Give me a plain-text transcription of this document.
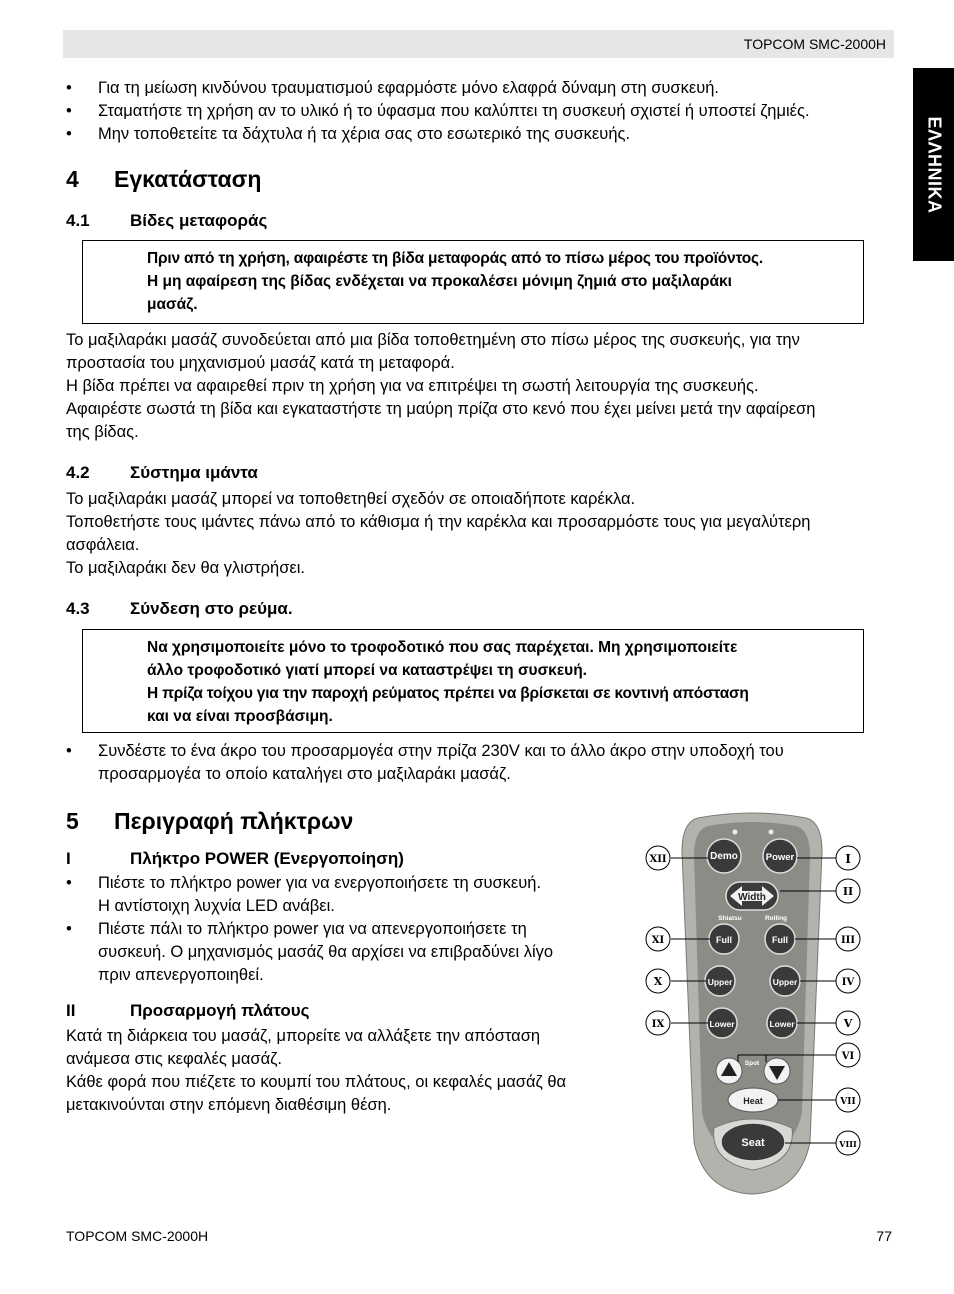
TOPCOM SMC-2000H
ΕΛΛΗΝΙΚΑ
• Για τη μείωση κινδύνου τραυματισμού εφαρμόστε μόνο ελαφρά δύναμη στη συσκευή.
• Σταματήστε τη χρήση αν το υλικό ή το ύφασμα που καλύπτει τη συσκευή σχιστεί ή υποστεί ζημιές.
• Μην τοποθετείτε τα δάχτυλα ή τα χέρια σας στο εσωτερικό της συσκευής.
4 Εγκατάσταση
4.1 Βίδες μεταφοράς

Πριν από τη χρήση, αφαιρέστε τη βίδα μεταφοράς από το πίσω μέρος του προϊόντος.

Η μη αφαίρεση της βίδας ενδέχεται να προκαλέσει μόνιμη ζημιά στο μαξιλαράκι

μασάζ.

Το μαξιλαράκι μασάζ συνοδεύεται από μια βίδα τοποθετημένη στο πίσω μέρος της συσκευής, για την

προστασία του μηχανισμού μασάζ κατά τη μεταφορά.

Η βίδα πρέπει να αφαιρεθεί πριν τη χρήση για να επιτρέψει τη σωστή λειτουργία της συσκευής.

Αφαιρέστε σωστά τη βίδα και εγκαταστήστε τη μαύρη πρίζα στο κενό που έχει μείνει μετά την αφαίρεση

της βίδας.

4.2 Σύστημα ιμάντα

Το μαξιλαράκι μασάζ μπορεί να τοποθετηθεί σχεδόν σε οποιαδήποτε καρέκλα.

Τοποθετήστε τους ιμάντες πάνω από το κάθισμα ή την καρέκλα και προσαρμόστε τους για μεγαλύτερη

ασφάλεια.

Το μαξιλαράκι δεν θα γλιστρήσει.

4.3 Σύνδεση στο ρεύμα.

Να χρησιμοποιείτε μόνο το τροφοδοτικό που σας παρέχεται. Μη χρησιμοποιείτε

άλλο τροφοδοτικό γιατί μπορεί να καταστρέψει τη συσκευή.

Η πρίζα τοίχου για την παροχή ρεύματος πρέπει να βρίσκεται σε κοντινή απόσταση

και να είναι προσβάσιμη.

• Συνδέστε το ένα άκρο του προσαρμογέα στην πρίζα 230V και το άλλο άκρο στην υποδοχή του
προσαρμογέα το οποίο καταλήγει στο μαξιλαράκι μασάζ.
5 Περιγραφή πλήκτρων
I	Πλήκτρο POWER (Ενεργοποίηση)
• Πιέστε το πλήκτρο power για να ενεργοποιήσετε τη συσκευή.
Η αντίστοιχη λυχνία LED ανάβει.
• Πιέστε πάλι το πλήκτρο power για να απενεργοποιήσετε τη
συσκευή. Ο μηχανισμός μασάζ θα αρχίσει να επιβραδύνει λίγο
πριν απενεργοποιηθεί.
II	Προσαρμογή πλάτους

Κατά τη διάρκεια του μασάζ, μπορείτε να αλλάξετε την απόσταση

ανάμεσα στις κεφαλές μασάζ.

Κάθε φορά που πιέζετε το κουμπί του πλάτους, οι κεφαλές μασάζ θα

μετακινούνται στην επόμενη διαθέσιμη θέση.

Demo	Power
Width
Shiatsu	Rolling
Full	Full
Upper	Upper
Lower	Lower
Spot
Heat
Seat
XII
XI
X
IX
I
II
III
IV
V
VI
VII
VIII
TOPCOM SMC-2000H	77
